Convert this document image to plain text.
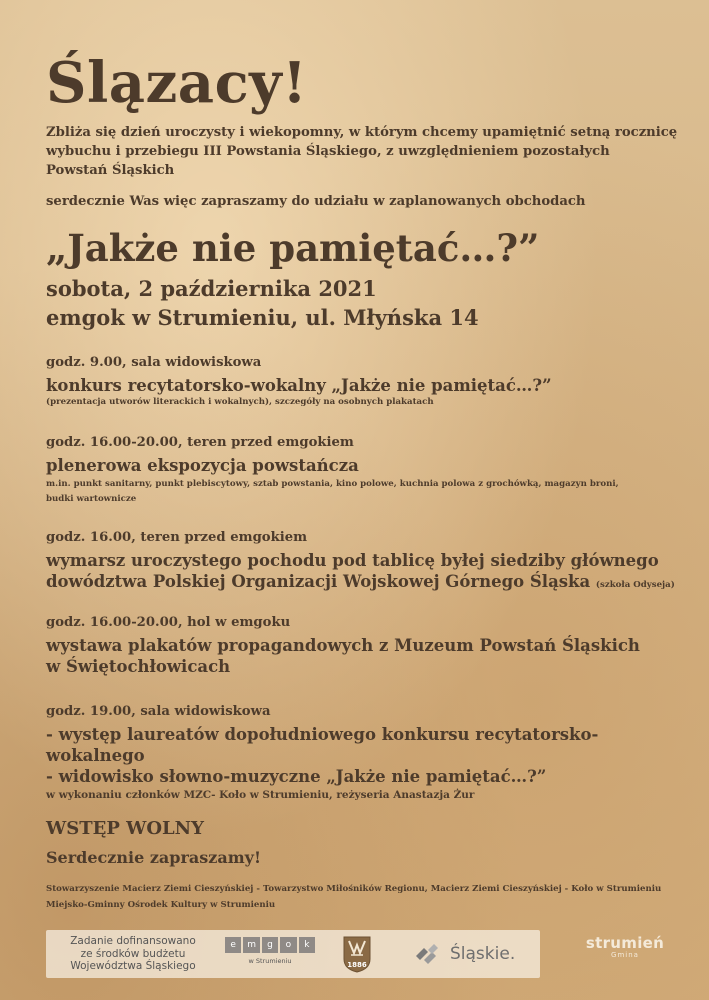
Ślązacy!

Zbliża się dzień uroczysty i wiekopomny, w którym chcemy upamiętnić setną rocznicę

wybuchu i przebiegu III Powstania Śląskiego, z uwzględnieniem pozostałych

Powstań Śląskich

serdecznie Was więc zapraszamy do udziału w zaplanowanych obchodach

„Jakże nie pamiętać…?”

sobota, 2 października 2021

emgok w Strumieniu, ul. Młyńska 14

godz. 9.00, sala widowiskowa
konkurs recytatorsko-wokalny „Jakże nie pamiętać…?”
(prezentacja utworów literackich i wokalnych), szczegóły na osobnych plakatach
godz. 16.00-20.00, teren przed emgokiem
plenerowa ekspozycja powstańcza
m.in. punkt sanitarny, punkt plebiscytowy, sztab powstania, kino polowe, kuchnia polowa z grochówką, magazyn broni,
budki wartownicze
godz. 16.00, teren przed emgokiem
wymarsz uroczystego pochodu pod tablicę byłej siedziby głównego
dowództwa Polskiej Organizacji Wojskowej Górnego Śląska (szkoła Odyseja)
godz. 16.00-20.00, hol w emgoku
wystawa plakatów propagandowych z Muzeum Powstań Śląskich
w Świętochłowicach
godz. 19.00, sala widowiskowa
- występ laureatów dopołudniowego konkursu recytatorsko-wokalnego
- widowisko słowno-muzyczne „Jakże nie pamiętać…?”
w wykonaniu członków MZC- Koło w Strumieniu, reżyseria Anastazja Żur

WSTĘP WOLNY

Serdecznie zapraszamy!

Stowarzyszenie Macierz Ziemi Cieszyńskiej - Towarzystwo Miłośników Regionu, Macierz Ziemi Cieszyńskiej - Koło w Strumieniu

Miejsko-Gminny Ośrodek Kultury w Strumieniu

Zadanie dofinansowano
ze środków budżetu
Województwa Śląskiego
e	m	g	o	k
w Strumieniu	1886
Śląskie.
strumień
Gmina
